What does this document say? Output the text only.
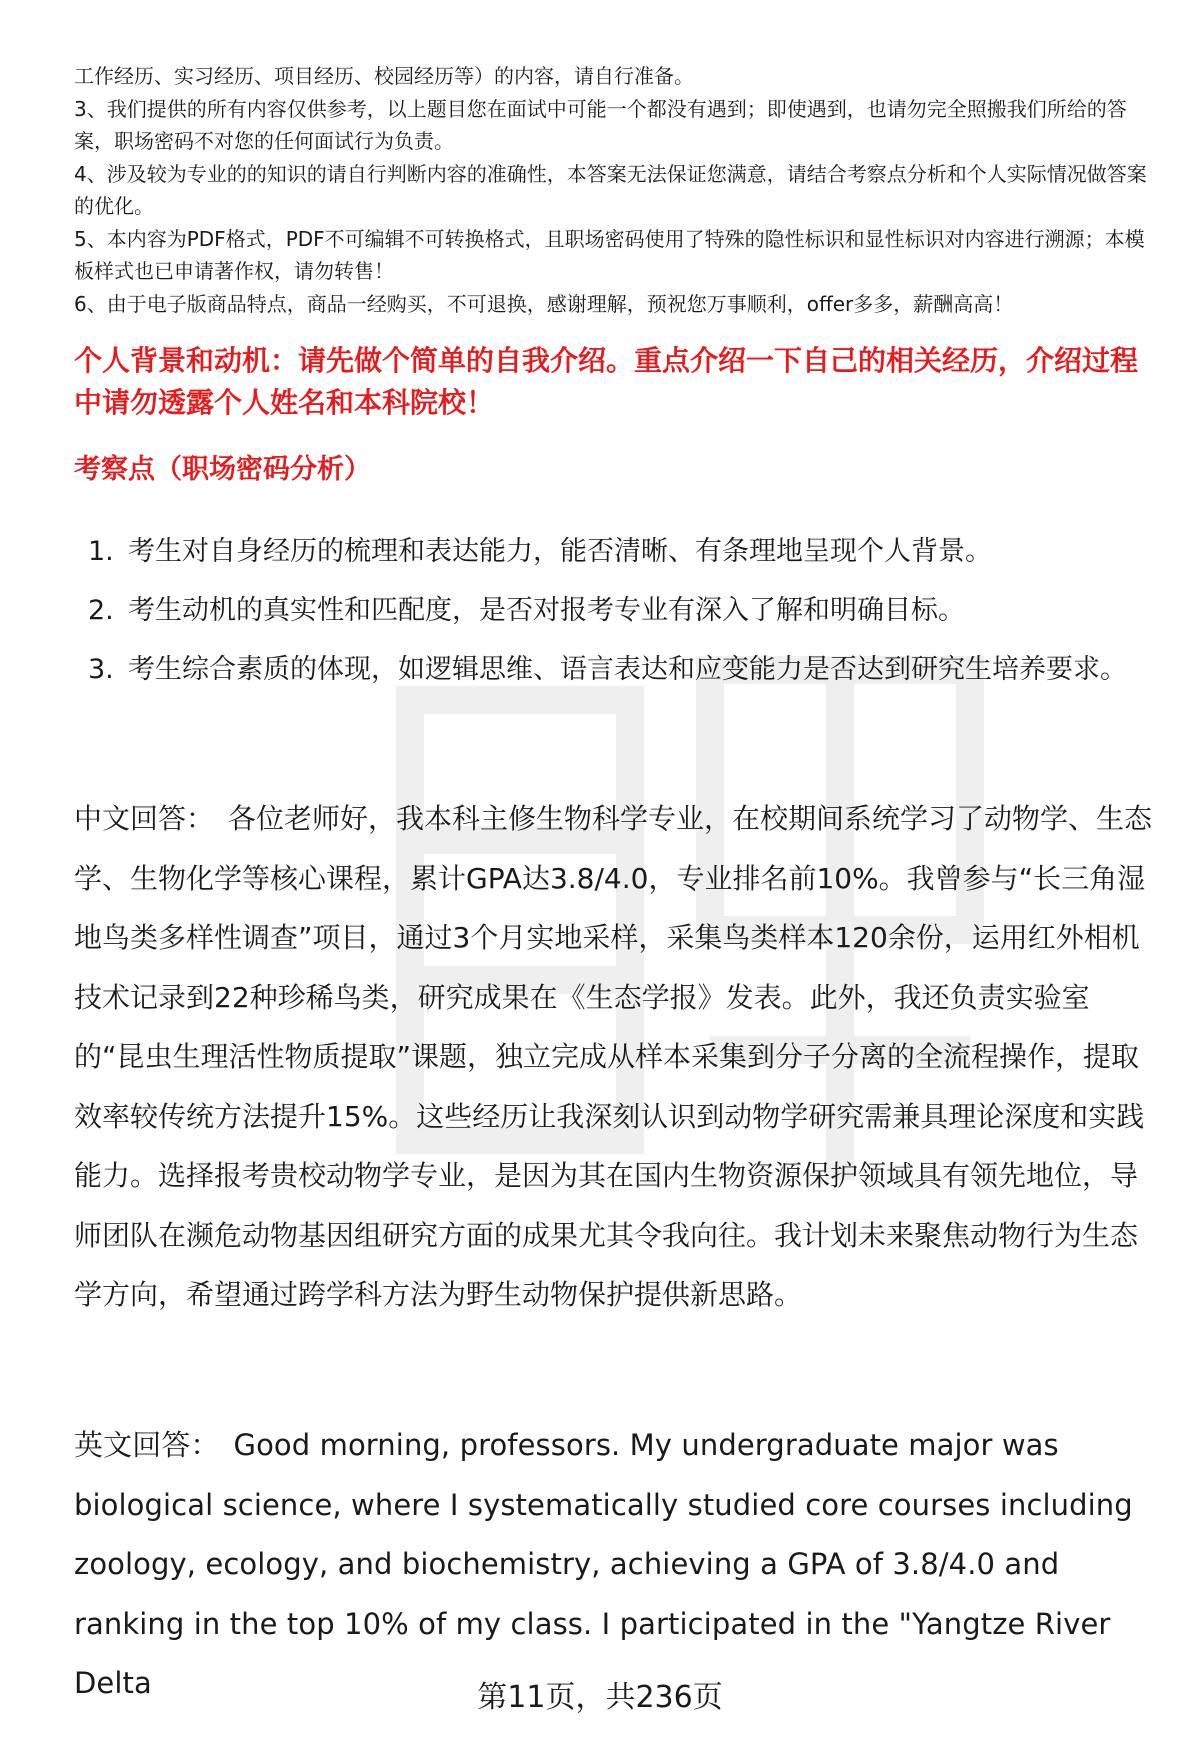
工作经历、实习经历、项目经历、校园经历等）的内容，请自行准备。

3、我们提供的所有内容仅供参考，以上题目您在面试中可能一个都没有遇到；即使遇到，也请勿完全照搬我们所给的答案，职场密码不对您的任何面试行为负责。

4、涉及较为专业的的知识的请自行判断内容的准确性，本答案无法保证您满意，请结合考察点分析和个人实际情况做答案的优化。

5、本内容为PDF格式，PDF不可编辑不可转换格式，且职场密码使用了特殊的隐性标识和显性标识对内容进行溯源；本模板样式也已申请著作权，请勿转售！

6、由于电子版商品特点，商品一经购买，不可退换，感谢理解，预祝您万事顺利，offer多多，薪酬高高！

个人背景和动机：请先做个简单的自我介绍。重点介绍一下自己的相关经历，介绍过程中请勿透露个人姓名和本科院校！
考察点（职场密码分析）
1. 考生对自身经历的梳理和表达能力，能否清晰、有条理地呈现个人背景。
2. 考生动机的真实性和匹配度，是否对报考专业有深入了解和明确目标。
3. 考生综合素质的体现，如逻辑思维、语言表达和应变能力是否达到研究生培养要求。

中文回答： 各位老师好，我本科主修生物科学专业，在校期间系统学习了动物学、生态学、生物化学等核心课程，累计GPA达3.8/4.0，专业排名前10%。我曾参与“长三角湿地鸟类多样性调查”项目，通过3个月实地采样，采集鸟类样本120余份，运用红外相机技术记录到22种珍稀鸟类，研究成果在《生态学报》发表。此外，我还负责实验室的“昆虫生理活性物质提取”课题，独立完成从样本采集到分子分离的全流程操作，提取效率较传统方法提升15%。这些经历让我深刻认识到动物学研究需兼具理论深度和实践能力。选择报考贵校动物学专业，是因为其在国内生物资源保护领域具有领先地位，导师团队在濒危动物基因组研究方面的成果尤其令我向往。我计划未来聚焦动物行为生态学方向，希望通过跨学科方法为野生动物保护提供新思路。

英文回答： Good morning, professors. My undergraduate major was biological science, where I systematically studied core courses including zoology, ecology, and biochemistry, achieving a GPA of 3.8/4.0 and ranking in the top 10% of my class. I participated in the "Yangtze River Delta	第11页，共236页
